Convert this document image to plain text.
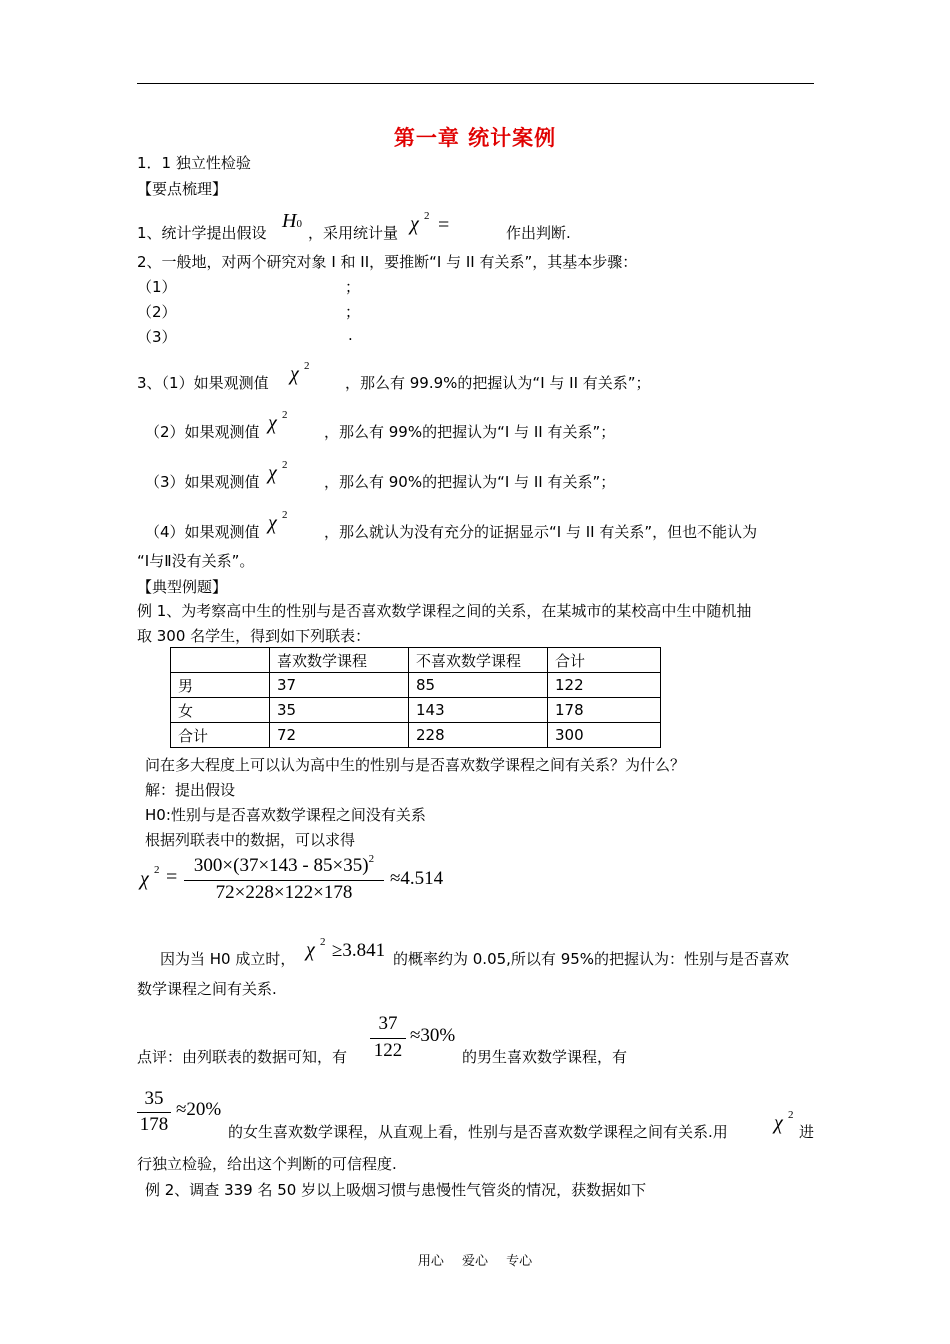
第一章 统计案例
1．1 独立性检验
【要点梳理】
1、统计学提出假设
H0 ，采用统计量 χ 2 =	作出判断.
2、一般地，对两个研究对象 I 和 II，要推断“I 与 II 有关系”，其基本步骤：
（1）	；
（2）	；
（3）	.
3、（1）如果观测值 χ 2
，那么有 99.9%的把握认为“I 与 II 有关系”；
（2）如果观测值 χ 2
，那么有 99%的把握认为“I 与 II 有关系”；
（3）如果观测值 χ 2
，那么有 90%的把握认为“I 与 II 有关系”；
（4）如果观测值 χ 2
，那么就认为没有充分的证据显示“I 与 II 有关系”，但也不能认为
“Ⅰ与Ⅱ没有关系”。
【典型例题】
例 1、为考察高中生的性别与是否喜欢数学课程之间的关系，在某城市的某校高中生中随机抽
取 300 名学生，得到如下列联表：
	喜欢数学课程	不喜欢数学课程	合计
男	37	85	122
女	35	143	178
合计	72	228	300
问在多大程度上可以认为高中生的性别与是否喜欢数学课程之间有关系？为什么？
解：提出假设
H0:性别与是否喜欢数学课程之间没有关系
根据列联表中的数据，可以求得
χ 2 =
$300\times(37\times 143 - 85\times 35)^2$
72×228×122×178
≈4.514
因为当 H0 成立时， χ 2 ≥3.841 的概率约为 0.05,所以有 95%的把握认为：性别与是否喜欢
数学课程之间有关系.
37
122
≈30%
点评：由列联表的数据可知，有	的男生喜欢数学课程，有
35
178
≈20%
的女生喜欢数学课程，从直观上看，性别与是否喜欢数学课程之间有关系.用 χ 2
进
行独立检验，给出这个判断的可信程度.
例 2、调查 339 名 50 岁以上吸烟习惯与患慢性气管炎的情况，获数据如下
用心 爱心 专心
